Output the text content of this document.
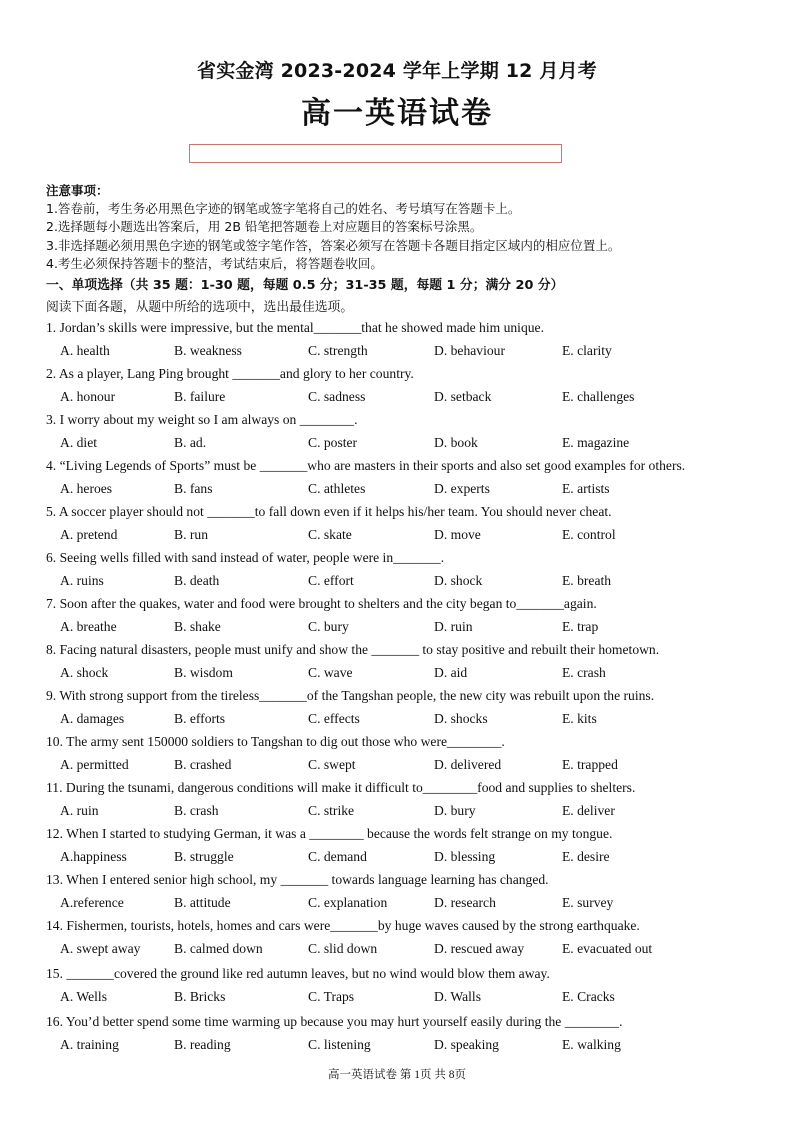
省实金湾 2023-2024 学年上学期 12 月月考
高一英语试卷
注意事项：
1.答卷前，考生务必用黑色字迹的钢笔或签字笔将自己的姓名、考号填写在答题卡上。
2.选择题每小题选出答案后，用 2B 铅笔把答题卷上对应题目的答案标号涂黑。
3.非选择题必须用黑色字迹的钢笔或签字笔作答，答案必须写在答题卡各题目指定区域内的相应位置上。
4.考生必须保持答题卡的整洁，考试结束后，将答题卷收回。
一、单项选择（共 35 题：1-30 题，每题 0.5 分；31-35 题，每题 1 分；满分 20 分）
阅读下面各题，从题中所给的选项中，选出最佳选项。
1. Jordan’s skills were impressive, but the mental_______that he showed made him unique.
A. health	B. weakness	C. strength	D. behaviour	E. clarity
2. As a player, Lang Ping brought _______and glory to her country.
A. honour	B. failure	C. sadness	D. setback	E. challenges
3. I worry about my weight so I am always on ________.
A. diet	B. ad.	C. poster	D. book	E. magazine
4. “Living Legends of Sports” must be _______who are masters in their sports and also set good examples for others.
A. heroes	B. fans	C. athletes	D. experts	E. artists
5. A soccer player should not _______to fall down even if it helps his/her team. You should never cheat.
A. pretend	B. run	C. skate	D. move	E. control
6. Seeing wells filled with sand instead of water, people were in_______.
A. ruins	B. death	C. effort	D. shock	E. breath
7. Soon after the quakes, water and food were brought to shelters and the city began to_______again.
A. breathe	B. shake	C. bury	D. ruin	E. trap
8. Facing natural disasters, people must unify and show the _______ to stay positive and rebuilt their hometown.
A. shock	B. wisdom	C. wave	D. aid	E. crash
9. With strong support from the tireless_______of the Tangshan people, the new city was rebuilt upon the ruins.
A. damages	B. efforts	C. effects	D. shocks	E. kits
10. The army sent 150000 soldiers to Tangshan to dig out those who were________.
A. permitted	B. crashed	C. swept	D. delivered	E. trapped
11. During the tsunami, dangerous conditions will make it difficult to________food and supplies to shelters.
A. ruin	B. crash	C. strike	D. bury	E. deliver
12. When I started to studying German, it was a ________ because the words felt strange on my tongue.
A.happiness	B. struggle	C. demand	D. blessing	E. desire
13. When I entered senior high school, my _______ towards language learning has changed.
A.reference	B. attitude	C. explanation	D. research	E. survey
14. Fishermen, tourists, hotels, homes and cars were_______by huge waves caused by the strong earthquake.
A. swept away B. calmed down	C. slid down	D. rescued away	E. evacuated out
15. _______covered the ground like red autumn leaves, but no wind would blow them away.
A. Wells	B. Bricks	C. Traps	D. Walls	E. Cracks
16. You’d better spend some time warming up because you may hurt yourself easily during the ________.
A. training	B. reading	C. listening	D. speaking	E. walking
高一英语试卷 第 1页 共 8页
